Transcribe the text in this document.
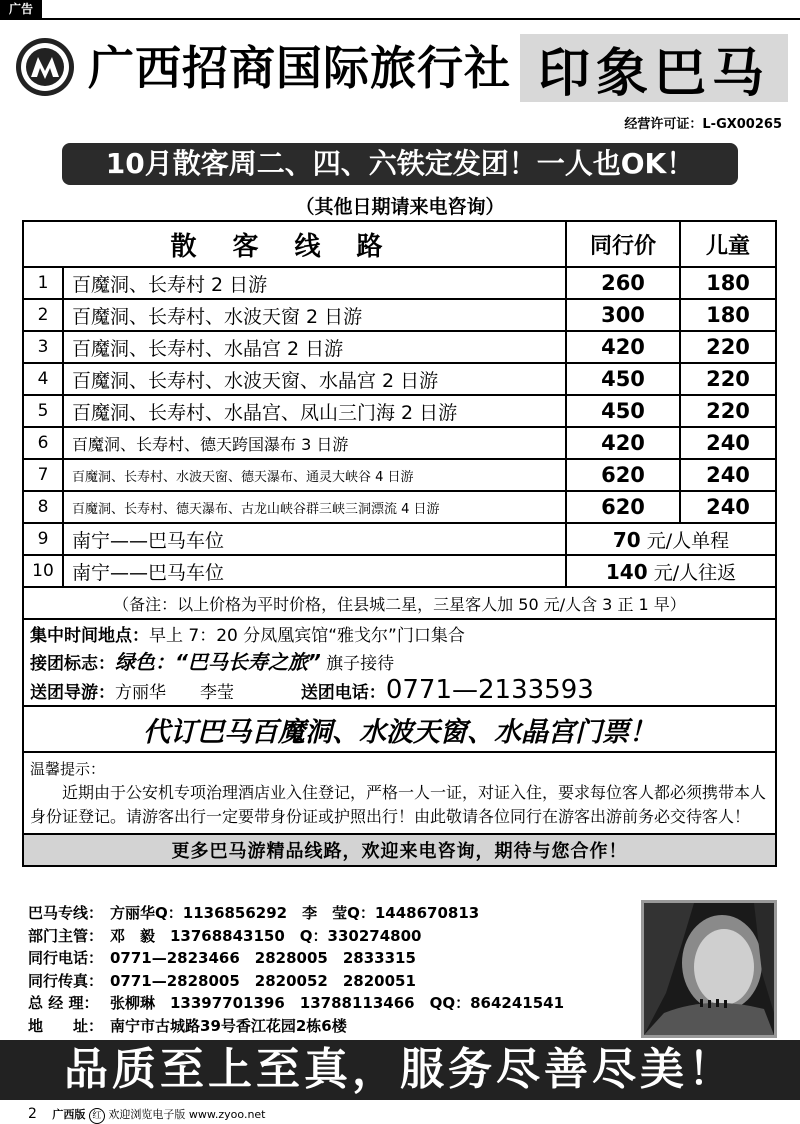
广告
广西招商国际旅行社 印象巴马
经营许可证：L-GX00265
10月散客周二、四、六铁定发团！一人也OK！
（其他日期请来电咨询）
散客线路		同行价	儿童
1	百魔洞、长寿村 2 日游	260	180
2	百魔洞、长寿村、水波天窗 2 日游	300	180
3	百魔洞、长寿村、水晶宫 2 日游	420	220
4	百魔洞、长寿村、水波天窗、水晶宫 2 日游	450	220
5	百魔洞、长寿村、水晶宫、凤山三门海 2 日游	450	220
6	百魔洞、长寿村、德天跨国瀑布 3 日游	420	240
7	百魔洞、长寿村、水波天窗、德天瀑布、通灵大峡谷 4 日游	620	240
8	百魔洞、长寿村、德天瀑布、古龙山峡谷群三峡三洞漂流 4 日游	620	240
9	南宁——巴马车位	70 元/人单程	
10	南宁——巴马车位	140 元/人往返	
（备注：以上价格为平时价格，住县城二星，三星客人加 50 元/人含 3 正 1 早）			
集中时间地点：早上 7：20 分凤凰宾馆“雅戈尔”门口集合			
接团标志：绿色：“巴马长寿之旅” 旗子接待			
送团导游：方丽华　　李莹 送团电话：0771—2133593			
代订巴马百魔洞、水波天窗、水晶宫门票！			

温馨提示：

近期由于公安机专项治理酒店业入住登记，严格一人一证，对证入住，要求每位客人都必须携带本人身份证登记。请游客出行一定要带身份证或护照出行！由此敬请各位同行在游客出游前务必交待客人！			

更多巴马游精品线路，欢迎来电咨询，期待与您合作！			
巴马专线： 方丽华Q：1136856292　李　莹Q：1448670813
部门主管： 邓　毅　13768843150　Q：330274800
同行电话： 0771—2823466　2828005　2833315
同行传真： 0771—2828005　2820052　2820051
总 经 理： 张柳琳　13397701396　13788113466　QQ：864241541
地　　址： 南宁市古城路39号香江花园2栋6楼
品质至上至真，服务尽善尽美！
2 广西版 红 欢迎浏览电子版 www.zyoo.net
